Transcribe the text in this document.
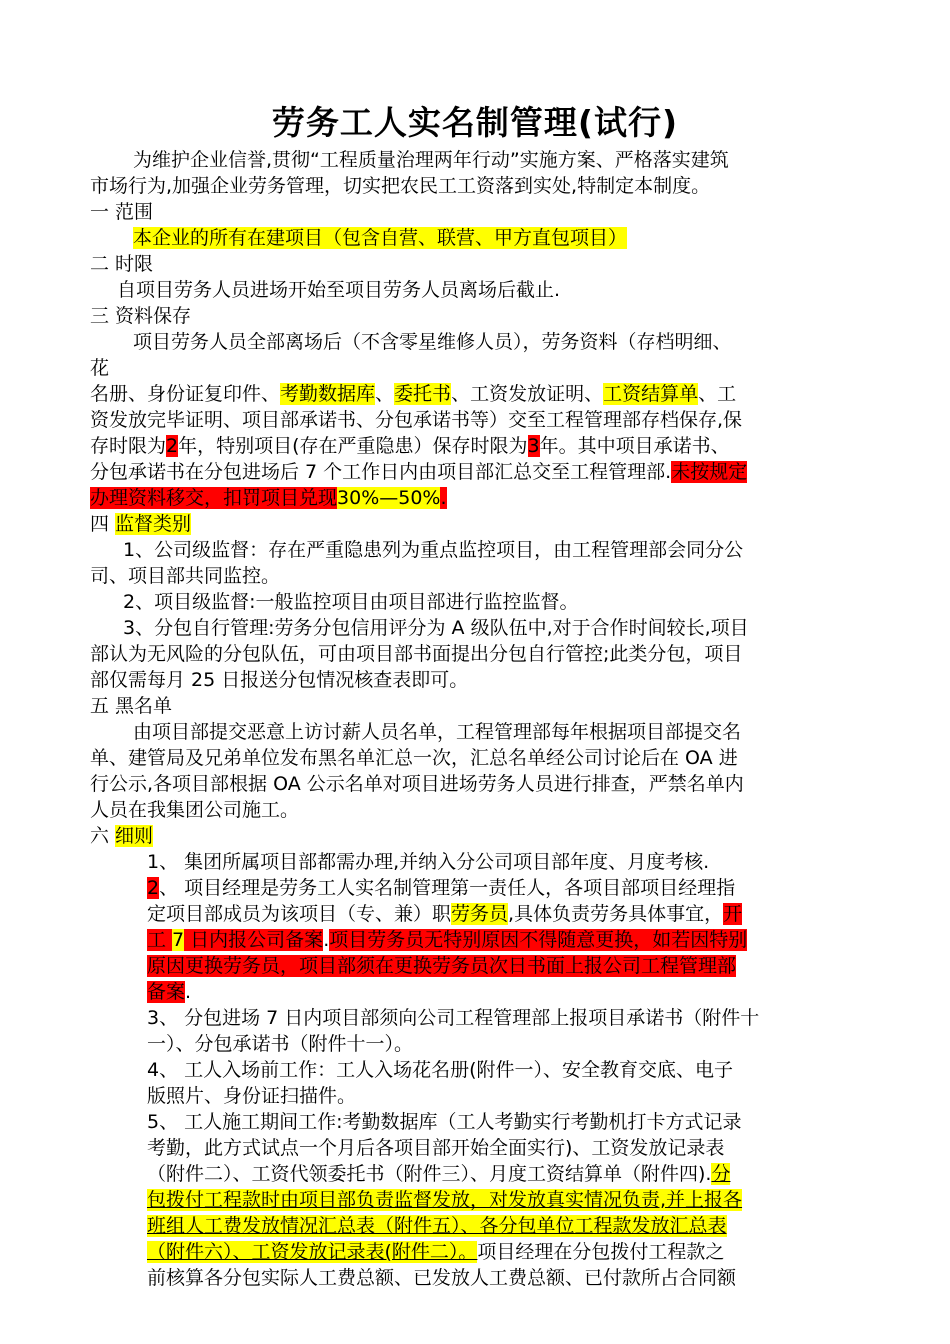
劳务工人实名制管理(试行)
为维护企业信誉,贯彻“工程质量治理两年行动”实施方案、严格落实建筑
市场行为,加强企业劳务管理，切实把农民工工资落到实处,特制定本制度。
一 范围
本企业的所有在建项目（包含自营、联营、甲方直包项目）
二 时限
自项目劳务人员进场开始至项目劳务人员离场后截止.
三 资料保存
项目劳务人员全部离场后（不含零星维修人员），劳务资料（存档明细、
花
名册、身份证复印件、考勤数据库、委托书、工资发放证明、工资结算单、工
资发放完毕证明、项目部承诺书、分包承诺书等）交至工程管理部存档保存,保
存时限为2年，特别项目(存在严重隐患）保存时限为3年。其中项目承诺书、
分包承诺书在分包进场后 7 个工作日内由项目部汇总交至工程管理部.未按规定
办理资料移交，扣罚项目兑现30%—50%.
四 监督类别
1、公司级监督：存在严重隐患列为重点监控项目，由工程管理部会同分公
司、项目部共同监控。
2、项目级监督:一般监控项目由项目部进行监控监督。
3、分包自行管理:劳务分包信用评分为 A 级队伍中,对于合作时间较长,项目
部认为无风险的分包队伍，可由项目部书面提出分包自行管控;此类分包，项目
部仅需每月 25 日报送分包情况核查表即可。
五 黑名单
由项目部提交恶意上访讨薪人员名单，工程管理部每年根据项目部提交名
单、建管局及兄弟单位发布黑名单汇总一次，汇总名单经公司讨论后在 OA 进
行公示,各项目部根据 OA 公示名单对项目进场劳务人员进行排查，严禁名单内
人员在我集团公司施工。
六 细则
1、 集团所属项目部都需办理,并纳入分公司项目部年度、月度考核.
2、 项目经理是劳务工人实名制管理第一责任人，各项目部项目经理指
定项目部成员为该项目（专、兼）职劳务员,具体负责劳务具体事宜，开
工 7 日内报公司备案.项目劳务员无特别原因不得随意更换，如若因特别
原因更换劳务员，项目部须在更换劳务员次日书面上报公司工程管理部
备案.
3、 分包进场 7 日内项目部须向公司工程管理部上报项目承诺书（附件十
一）、分包承诺书（附件十一）。
4、 工人入场前工作：工人入场花名册(附件一）、安全教育交底、电子
版照片、身份证扫描件。
5、 工人施工期间工作:考勤数据库（工人考勤实行考勤机打卡方式记录
考勤，此方式试点一个月后各项目部开始全面实行)、工资发放记录表
（附件二）、工资代领委托书（附件三）、月度工资结算单（附件四).分
包拨付工程款时由项目部负责监督发放，对发放真实情况负责,并上报各
班组人工费发放情况汇总表（附件五）、各分包单位工程款发放汇总表
（附件六）、工资发放记录表(附件二）。项目经理在分包拨付工程款之
前核算各分包实际人工费总额、已发放人工费总额、已付款所占合同额
